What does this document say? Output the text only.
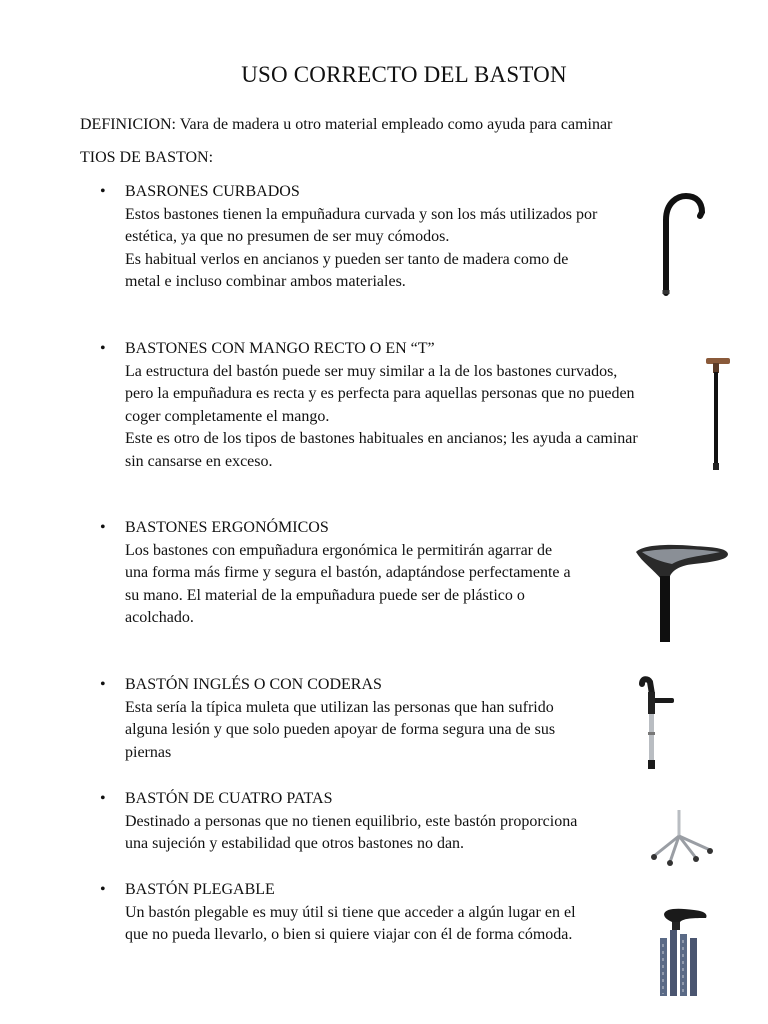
USO CORRECTO DEL BASTON
DEFINICION: Vara de madera u otro material empleado como ayuda para caminar
TIOS DE BASTON:
•	BASRONES CURBADOS
Estos bastones tienen la empuñadura curvada y son los más utilizados por
estética, ya que no presumen de ser muy cómodos.
Es habitual verlos en ancianos y pueden ser tanto de madera como de
metal e incluso combinar ambos materiales.
•	BASTONES CON MANGO RECTO O EN “T”
La estructura del bastón puede ser muy similar a la de los bastones curvados,
pero la empuñadura es recta y es perfecta para aquellas personas que no pueden
coger completamente el mango.
Este es otro de los tipos de bastones habituales en ancianos; les ayuda a caminar
sin cansarse en exceso.
•	BASTONES ERGONÓMICOS
Los bastones con empuñadura ergonómica le permitirán agarrar de
una forma más firme y segura el bastón, adaptándose perfectamente a
su mano. El material de la empuñadura puede ser de plástico o
acolchado.
•	BASTÓN INGLÉS O CON CODERAS
Esta sería la típica muleta que utilizan las personas que han sufrido
alguna lesión y que solo pueden apoyar de forma segura una de sus
piernas
•	BASTÓN DE CUATRO PATAS
Destinado a personas que no tienen equilibrio, este bastón proporciona
una sujeción y estabilidad que otros bastones no dan.
•	BASTÓN PLEGABLE
Un bastón plegable es muy útil si tiene que acceder a algún lugar en el
que no pueda llevarlo, o bien si quiere viajar con él de forma cómoda.
